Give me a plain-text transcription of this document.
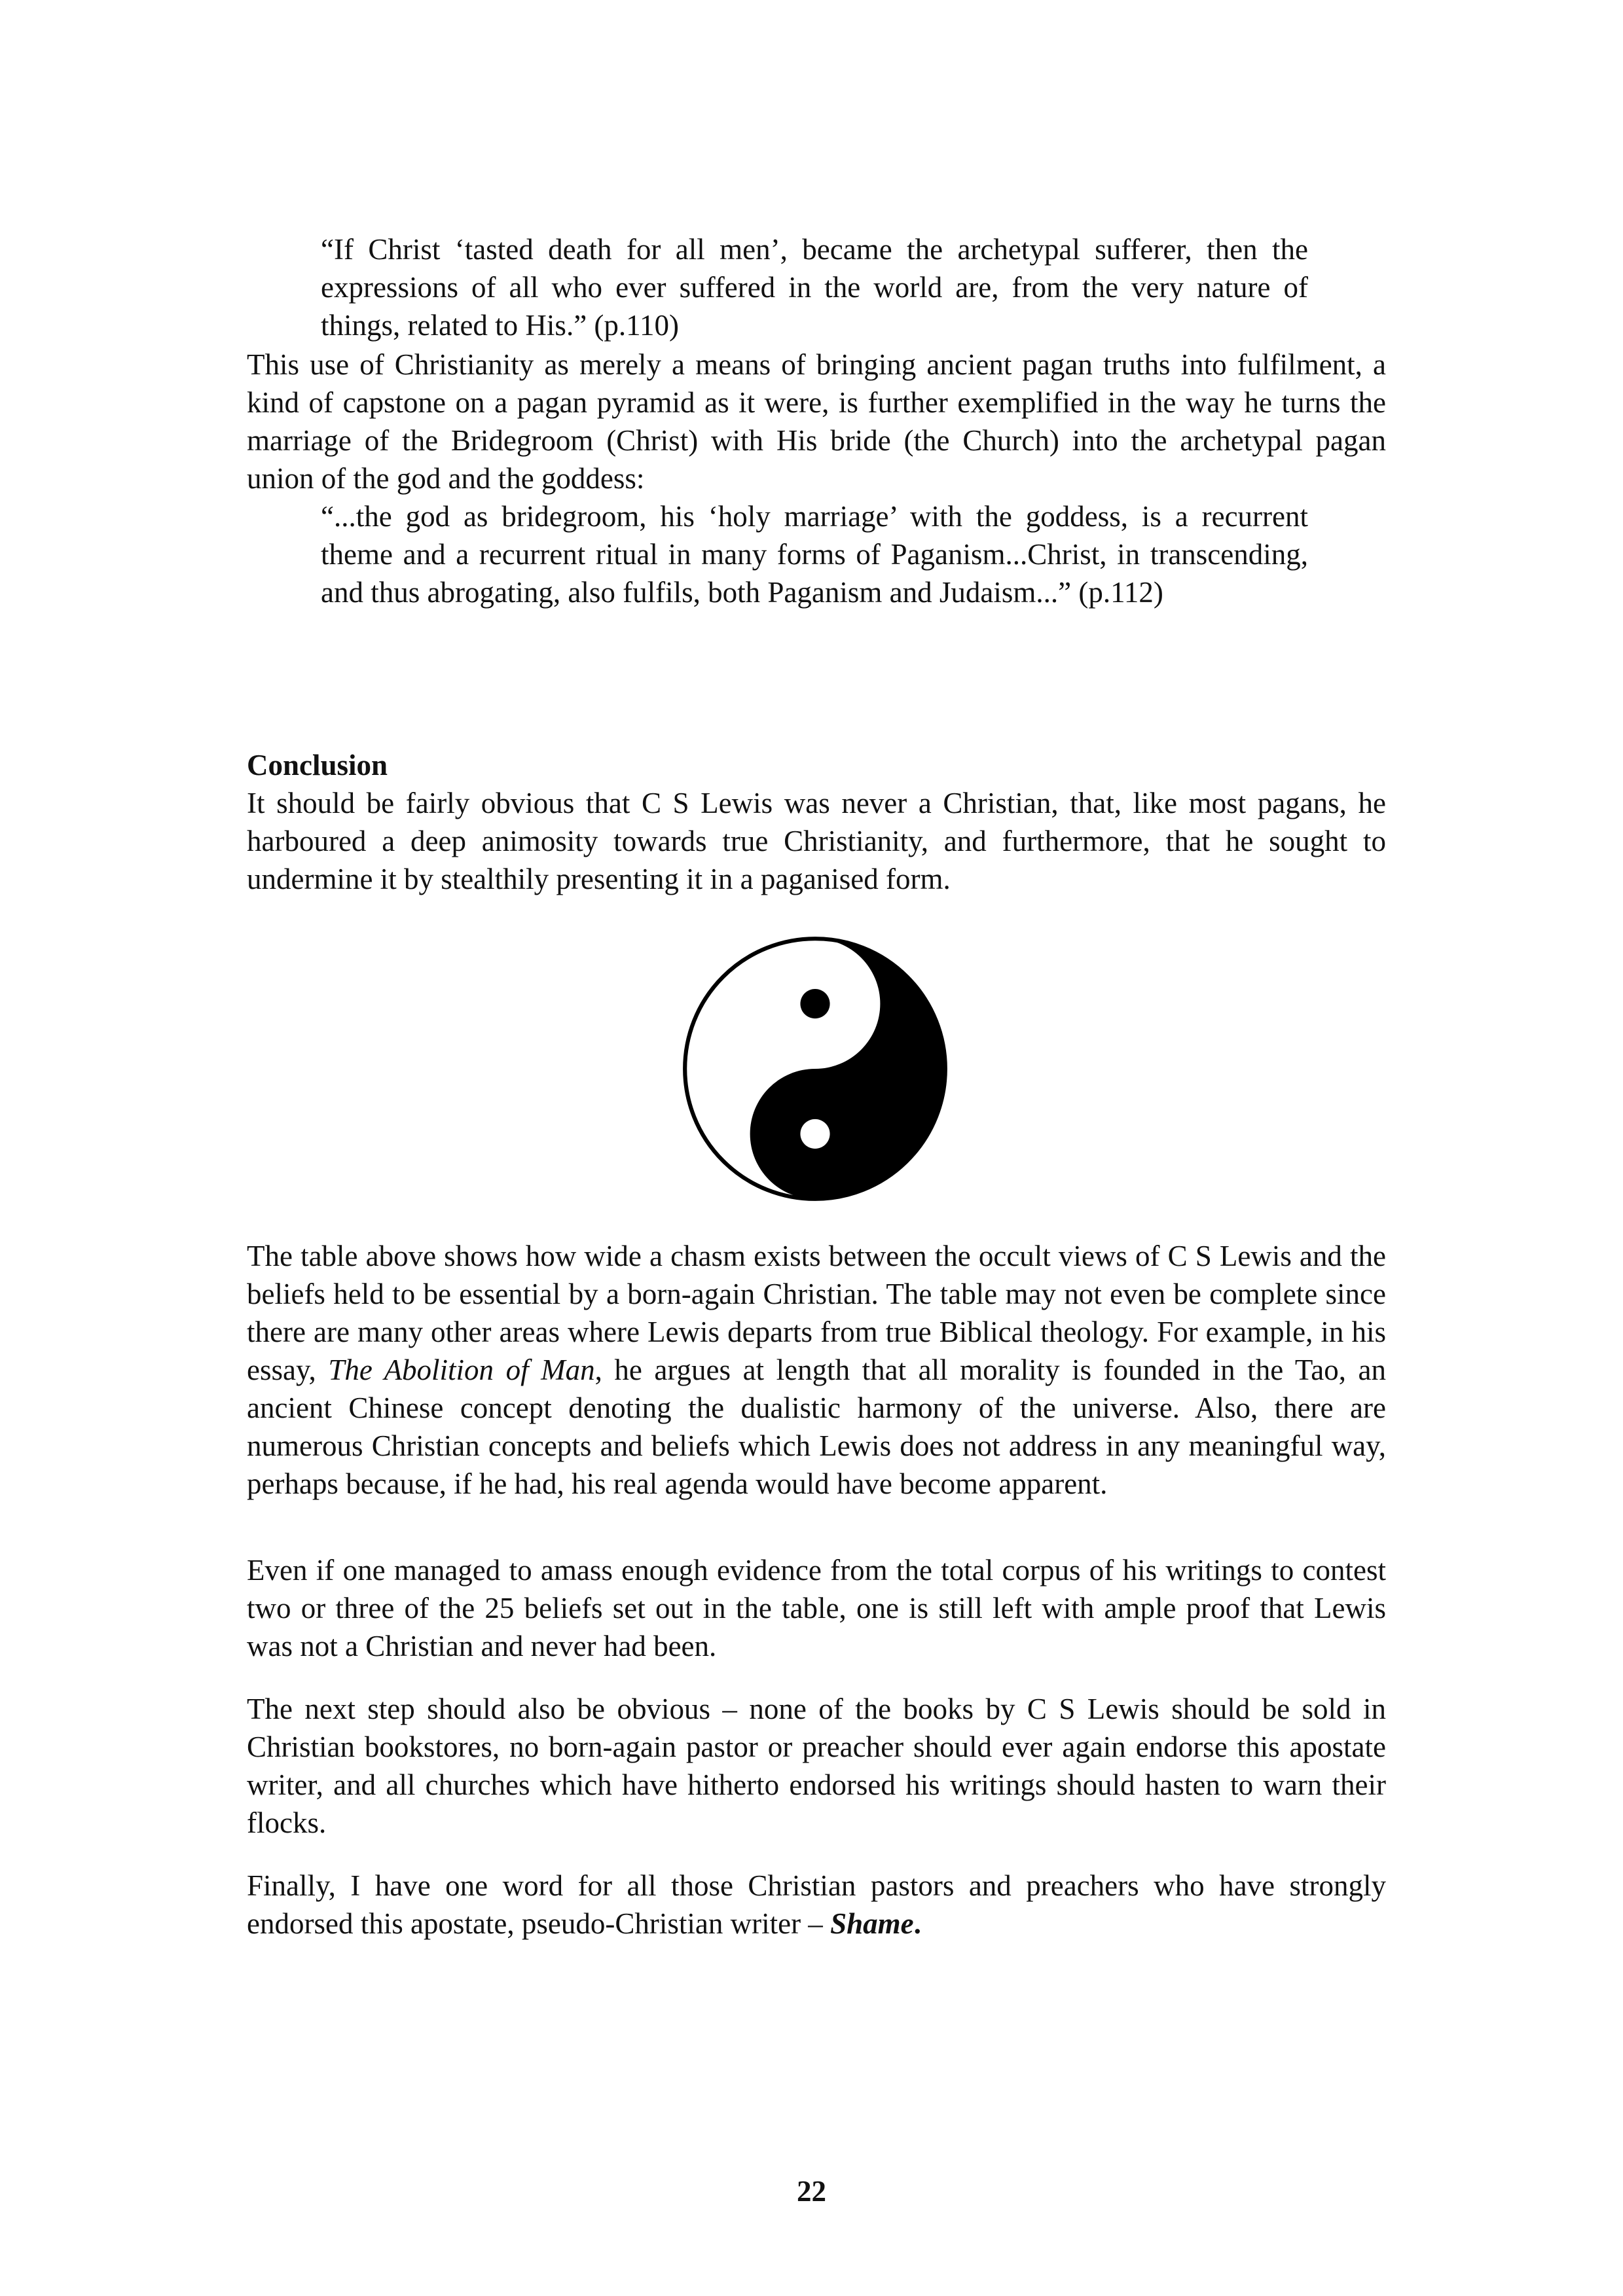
“If Christ ‘tasted death for all men’, became the archetypal sufferer, then the expressions of all who ever suffered in the world are, from the very nature of things, related to His.” (p.110)

This use of Christianity as merely a means of bringing ancient pagan truths into fulfilment, a kind of capstone on a pagan pyramid as it were, is further exemplified in the way he turns the marriage of the Bridegroom (Christ) with His bride (the Church) into the archetypal pagan union of the god and the goddess:

“...the god as bridegroom, his ‘holy marriage’ with the goddess, is a recurrent theme and a recurrent ritual in many forms of Paganism...Christ, in transcending, and thus abrogating, also fulfils, both Paganism and Judaism...” (p.112)

Conclusion

It should be fairly obvious that C S Lewis was never a Christian, that, like most pagans, he harboured a deep animosity towards true Christianity, and furthermore, that he sought to undermine it by stealthily presenting it in a paganised form.

The table above shows how wide a chasm exists between the occult views of C S Lewis and the beliefs held to be essential by a born-again Christian. The table may not even be complete since there are many other areas where Lewis departs from true Biblical theology. For example, in his essay, The Abolition of Man, he argues at length that all morality is founded in the Tao, an ancient Chinese concept denoting the dualistic harmony of the universe. Also, there are numerous Christian concepts and beliefs which Lewis does not address in any meaningful way, perhaps because, if he had, his real agenda would have become apparent.

Even if one managed to amass enough evidence from the total corpus of his writings to contest two or three of the 25 beliefs set out in the table, one is still left with ample proof that Lewis was not a Christian and never had been.

The next step should also be obvious – none of the books by C S Lewis should be sold in Christian bookstores, no born-again pastor or preacher should ever again endorse this apostate writer, and all churches which have hitherto endorsed his writings should hasten to warn their flocks.

Finally, I have one word for all those Christian pastors and preachers who have strongly endorsed this apostate, pseudo-Christian writer – Shame.

22
